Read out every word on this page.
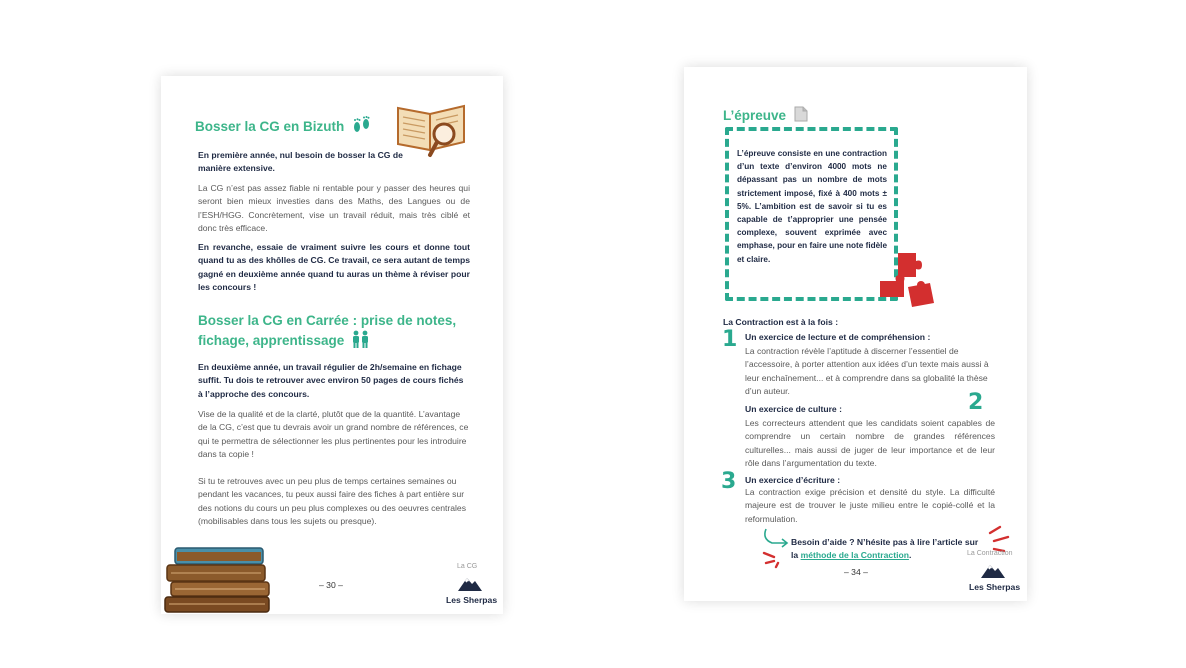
Bosser la CG en Bizuth
En première année, nul besoin de bosser la CG de manière extensive.
La CG n’est pas assez fiable ni rentable pour y passer des heures qui seront bien mieux investies dans des Maths, des Langues ou de l’ESH/HGG. Concrètement, vise un travail réduit, mais très ciblé et donc très efficace.
En revanche, essaie de vraiment suivre les cours et donne tout quand tu as des khôlles de CG. Ce travail, ce sera autant de temps gagné en deuxième année quand tu auras un thème à réviser pour les concours !
Bosser la CG en Carrée : prise de notes, fichage, apprentissage
En deuxième année, un travail régulier de 2h/semaine en fichage suffit. Tu dois te retrouver avec environ 50 pages de cours fichés à l’approche des concours.
Vise de la qualité et de la clarté, plutôt que de la quantité. L’avantage de la CG, c’est que tu devrais avoir un grand nombre de références, ce qui te permettra de sélectionner les plus pertinentes pour les introduire dans ta copie !
Si tu te retrouves avec un peu plus de temps certaines semaines ou pendant les vacances, tu peux aussi faire des fiches à part entière sur des notions du cours un peu plus complexes ou des oeuvres centrales (mobilisables dans tous les sujets ou presque).
– 30 –
La CG
Les Sherpas
L’épreuve
L’épreuve consiste en une contraction d’un texte d’environ 4000 mots ne dépassant pas un nombre de mots strictement imposé, fixé à 400 mots ± 5%. L’ambition est de savoir si tu es capable de t’approprier une pensée complexe, souvent exprimée avec emphase, pour en faire une note fidèle et claire.
La Contraction est à la fois :
1 Un exercice de lecture et de compréhension :
La contraction révèle l’aptitude à discerner l’essentiel de l’accessoire, à porter attention aux idées d’un texte mais aussi à leur enchaînement... et à comprendre dans sa globalité la thèse d’un auteur.	2
Un exercice de culture :
Les correcteurs attendent que les candidats soient capables de comprendre un certain nombre de grandes références culturelles... mais aussi de juger de leur importance et de leur rôle dans l’argumentation du texte.
3 Un exercice d’écriture :
La contraction exige précision et densité du style. La difficulté majeure est de trouver le juste milieu entre le copié-collé et la reformulation.
Besoin d’aide ? N’hésite pas à lire l’article sur la méthode de la Contraction.	La Contraction
– 34 –
Les Sherpas
